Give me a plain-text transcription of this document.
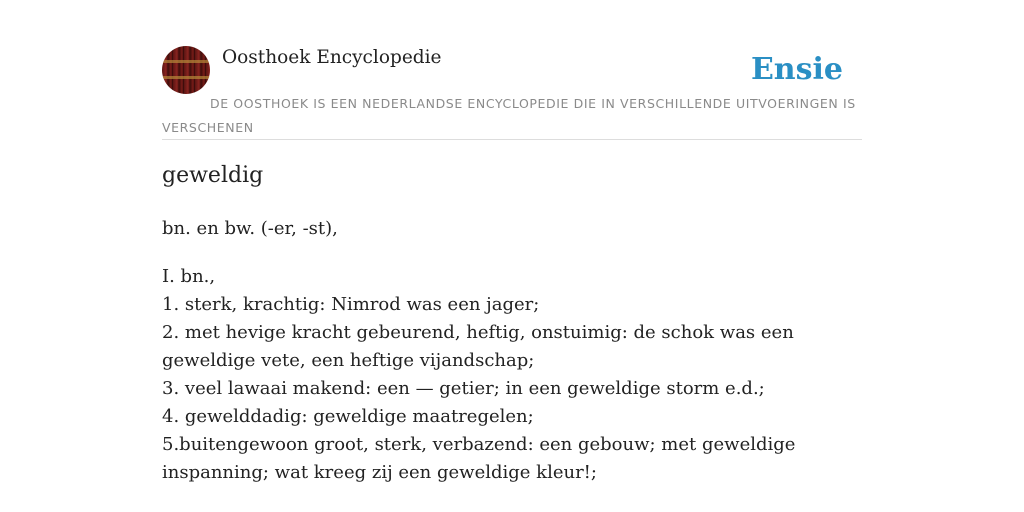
Oosthoek Encyclopedie	Ensie
DE OOSTHOEK IS EEN NEDERLANDSE ENCYCLOPEDIE DIE IN VERSCHILLENDE UITVOERINGEN IS VERSCHENEN
geweldig
bn. en bw. (-er, -st),
I. bn.,
1. sterk, krachtig: Nimrod was een jager;
2. met hevige kracht gebeurend, heftig, onstuimig: de schok was een geweldige vete, een heftige vijandschap;
3. veel lawaai makend: een — getier; in een geweldige storm e.d.;
4. gewelddadig: geweldige maatregelen;
5.buitengewoon groot, sterk, verbazend: een gebouw; met geweldige inspanning; wat kreeg zij een geweldige kleur!;
